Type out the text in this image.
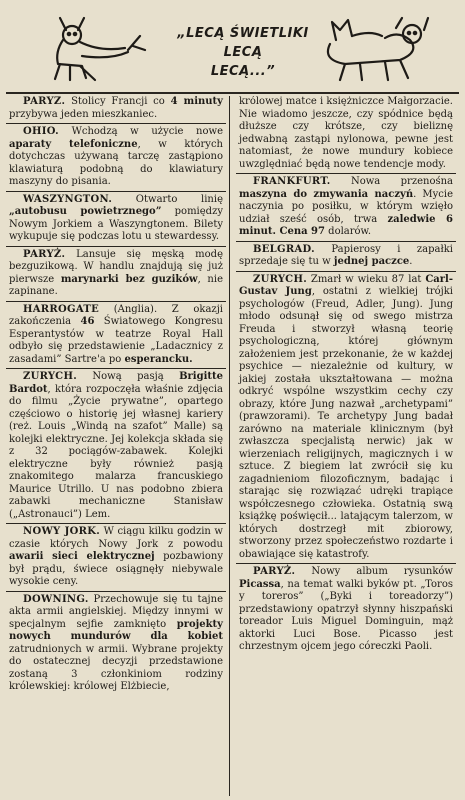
„LECĄ ŚWIETLIKI
LECĄ
LECĄ...”

PARYŻ. Stolicy Francji co 4 minuty przybywa jeden mieszkaniec.

OHIO. Wchodzą w użycie nowe aparaty telefoniczne, w których dotychczas używaną tarczę zastąpiono klawiaturą podobną do klawiatury maszyny do pisania.

WASZYNGTON. Otwarto linię „autobusu powietrznego” pomiędzy Nowym Jorkiem a Waszyngtonem. Bilety wykupuje się podczas lotu u stewardessy.

PARYŻ. Lansuje się męską modę bezguzikową. W handlu znajdują się już pierwsze marynarki bez guzików, nie zapinane.

HARROGATE (Anglia). Z okazji zakończenia 46 Światowego Kongresu Esperantystów w teatrze Royal Hall odbyło się przedstawienie „Ladacznicy z zasadami” Sartre'a po esperancku.

ZURYCH. Nową pasją Brigitte Bardot, która rozpoczęła właśnie zdjęcia do filmu „Życie prywatne”, opartego częściowo o historię jej własnej kariery (reż. Louis „Windą na szafot” Malle) są kolejki elektryczne. Jej kolekcja składa się z 32 pociągów-zabawek. Kolejki elektryczne były również pasją znakomitego malarza francuskiego Maurice Utrillo. U nas podobno zbiera zabawki mechaniczne Stanisław („Astronauci”) Lem.

NOWY JORK. W ciągu kilku godzin w czasie których Nowy Jork z powodu awarii sieci elektrycznej pozbawiony był prądu, świece osiągnęły niebywale wysokie ceny.

DOWNING. Przechowuje się tu tajne akta armii angielskiej. Między innymi w specjalnym sejfie zamknięto projekty nowych mundurów dla kobiet zatrudnionych w armii. Wybrane projekty do ostatecznej decyzji przedstawione zostaną 3 członkiniom rodziny królewskiej: królowej Elżbiecie,

królowej matce i księżniczce Małgorzacie. Nie wiadomo jeszcze, czy spódnice będą dłuższe czy krótsze, czy bieliznę jedwabną zastąpi nylonowa, pewne jest natomiast, że nowe mundury kobiece uwzględniać będą nowe tendencje mody.

FRANKFURT. Nowa przenośna maszyna do zmywania naczyń. Mycie naczynia po posiłku, w którym wzięło udział sześć osób, trwa zaledwie 6 minut. Cena 97 dolarów.

BELGRAD. Papierosy i zapałki sprzedaje się tu w jednej paczce.

ZURYCH. Zmarł w wieku 87 lat Carl-Gustav Jung, ostatni z wielkiej trójki psychologów (Freud, Adler, Jung). Jung młodo odsunął się od swego mistrza Freuda i stworzył własną teorię psychologiczną, której głównym założeniem jest przekonanie, że w każdej psychice — niezależnie od kultury, w jakiej została ukształtowana — można odkryć wspólne wszystkim cechy czy obrazy, które Jung nazwał „archetypami” (prawzorami). Te archetypy Jung badał zarówno na materiale klinicznym (był zwłaszcza specjalistą nerwic) jak w wierzeniach religijnych, magicznych i w sztuce. Z biegiem lat zwrócił się ku zagadnieniom filozoficznym, badając i starając się rozwiązać udręki trapiące współczesnego człowieka. Ostatnią swą książkę poświęcił... latającym talerzom, w których dostrzegł mit zbiorowy, stworzony przez społeczeństwo rozdarte i obawiające się katastrofy.

PARYŻ. Nowy album rysunków Picassa, na temat walki byków pt. „Toros y toreros” („Byki i toreadorzy”) przedstawiony opatrzył słynny hiszpański toreador Luis Miguel Dominguin, mąż aktorki Luci Bose. Picasso jest chrzestnym ojcem jego córeczki Paoli.
